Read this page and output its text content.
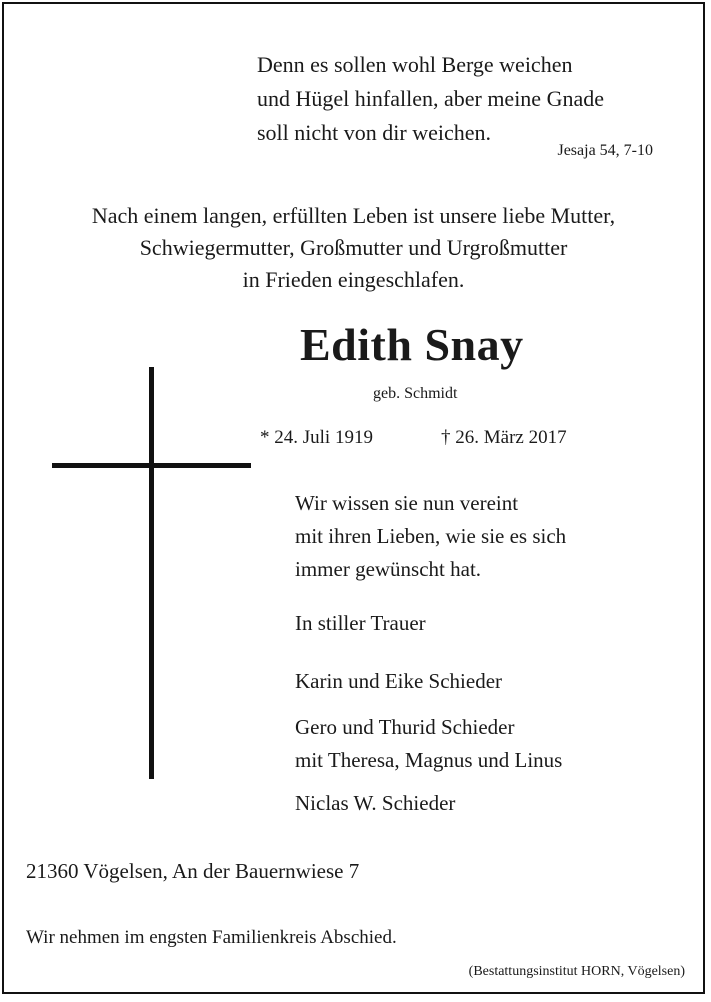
Denn es sollen wohl Berge weichen
und Hügel hinfallen, aber meine Gnade
soll nicht von dir weichen.
Jesaja 54, 7-10
Nach einem langen, erfüllten Leben ist unsere liebe Mutter,
Schwiegermutter, Großmutter und Urgroßmutter
in Frieden eingeschlafen.
Edith Snay
geb. Schmidt
* 24. Juli 1919	† 26. März 2017
Wir wissen sie nun vereint
mit ihren Lieben, wie sie es sich
immer gewünscht hat.
In stiller Trauer
Karin und Eike Schieder
Gero und Thurid Schieder
mit Theresa, Magnus und Linus
Niclas W. Schieder
21360 Vögelsen, An der Bauernwiese 7
Wir nehmen im engsten Familienkreis Abschied.
(Bestattungsinstitut HORN, Vögelsen)
